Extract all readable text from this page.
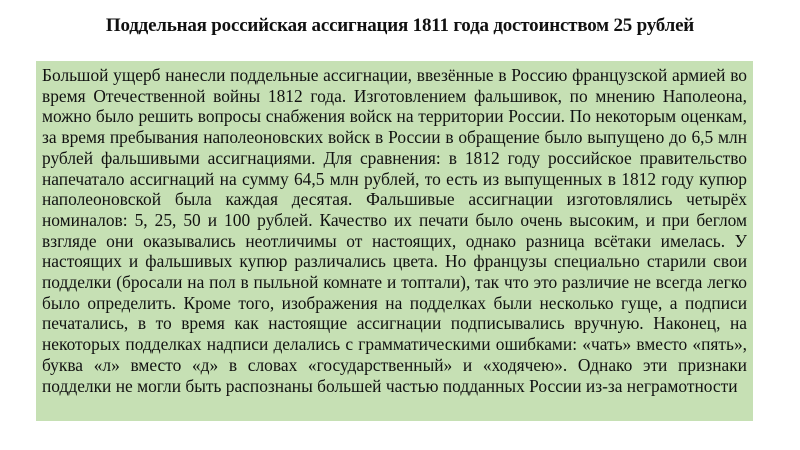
Поддельная российская ассигнация 1811 года достоинством 25 рублей

Большой ущерб нанесли поддельные ассигнации, ввезённые в Россию французской армией во время Отечественной войны 1812 года. Изготовлением фальшивок, по мнению Наполеона, можно было решить вопросы снабжения войск на территории России. По некоторым оценкам, за время пребывания наполеоновских войск в России в обращение было выпущено до 6,5 млн рублей фальшивыми ассигнациями. Для сравнения: в 1812 году российское правительство напечатало ассигнаций на сумму 64,5 млн рублей, то есть из выпущенных в 1812 году купюр наполеоновской была каждая десятая. Фальшивые ассигнации изготовлялись четырёх номиналов: 5, 25, 50 и 100 рублей. Качество их печати было очень высоким, и при беглом взгляде они оказывались неотличимы от настоящих, однако разница всётаки имелась. У настоящих и фальшивых купюр различались цвета. Но французы специально старили свои подделки (бросали на пол в пыльной комнате и топтали), так что это различие не всегда легко было определить. Кроме того, изображения на подделках были несколько гуще, а подписи печатались, в то время как настоящие ассигнации подписывались вручную. Наконец, на некоторых подделках надписи делались с грамматическими ошибками: «чать» вместо «пять», буква «л» вместо «д» в словах «государственный» и «ходячею». Однако эти признаки подделки не могли быть распознаны большей частью подданных России из-за неграмотности
